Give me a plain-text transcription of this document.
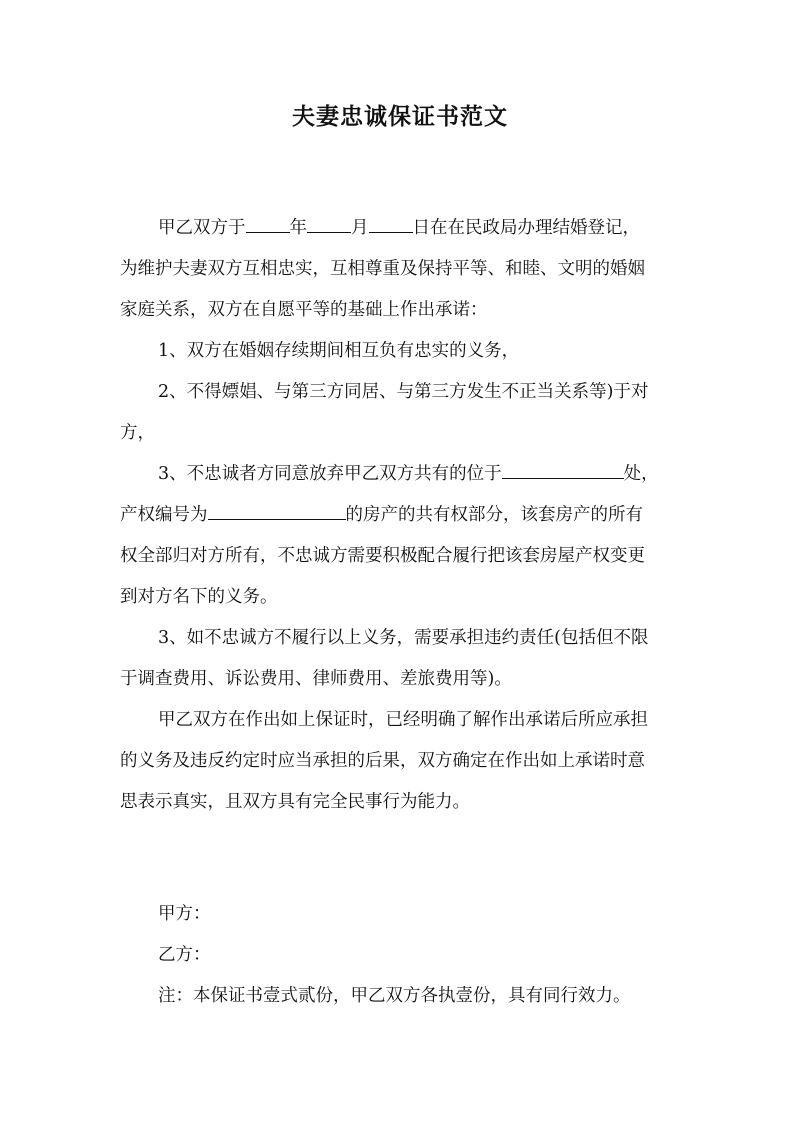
夫妻忠诚保证书范文
甲乙双方于	年	月	日在在民政局办理结婚登记，
为维护夫妻双方互相忠实，互相尊重及保持平等、和睦、文明的婚姻
家庭关系，双方在自愿平等的基础上作出承诺：
1、双方在婚姻存续期间相互负有忠实的义务，
2、不得嫖娼、与第三方同居、与第三方发生不正当关系等)于对
方，
3、不忠诚者方同意放弃甲乙双方共有的位于	处，
产权编号为	的房产的共有权部分，该套房产的所有
权全部归对方所有，不忠诚方需要积极配合履行把该套房屋产权变更
到对方名下的义务。
3、如不忠诚方不履行以上义务，需要承担违约责任(包括但不限
于调查费用、诉讼费用、律师费用、差旅费用等)。
甲乙双方在作出如上保证时，已经明确了解作出承诺后所应承担
的义务及违反约定时应当承担的后果，双方确定在作出如上承诺时意
思表示真实，且双方具有完全民事行为能力。
甲方：
乙方：
注：本保证书壹式贰份，甲乙双方各执壹份，具有同行效力。
